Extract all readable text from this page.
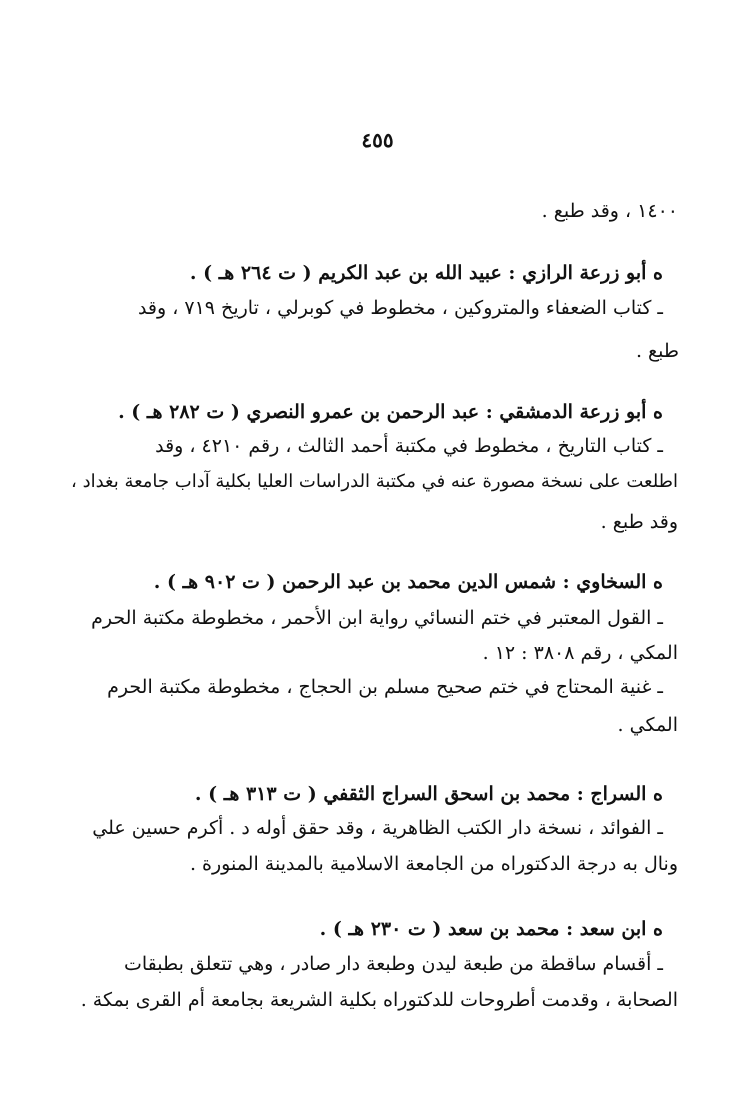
٤٥٥
١٤٠٠ ، وقد طبع .
ه أبو زرعة الرازي : عبيد الله بن عبد الكريم ( ت ٢٦٤ هـ ) .
ـ كتاب الضعفاء والمتروكين ، مخطوط في كوبرلي ، تاريخ ٧١٩ ، وقد
طبع .
ه أبو زرعة الدمشقي : عبد الرحمن بن عمرو النصري ( ت ٢٨٢ هـ ) .
ـ كتاب التاريخ ، مخطوط في مكتبة أحمد الثالث ، رقم ٤٢١٠ ، وقد
اطلعت على نسخة مصورة عنه في مكتبة الدراسات العليا بكلية آداب جامعة بغداد ،
وقد طبع .
ه السخاوي : شمس الدين محمد بن عبد الرحمن ( ت ٩٠٢ هـ ) .
ـ القول المعتبر في ختم النسائي رواية ابن الأحمر ، مخطوطة مكتبة الحرم
المكي ، رقم ٣٨٠٨ : ١٢ .
ـ غنية المحتاج في ختم صحيح مسلم بن الحجاج ، مخطوطة مكتبة الحرم
المكي .
ه السراج : محمد بن اسحق السراج الثقفي ( ت ٣١٣ هـ ) .
ـ الفوائد ، نسخة دار الكتب الظاهرية ، وقد حقق أوله د . أكرم حسين علي
ونال به درجة الدكتوراه من الجامعة الاسلامية بالمدينة المنورة .
ه ابن سعد : محمد بن سعد ( ت ٢٣٠ هـ ) .
ـ أقسام ساقطة من طبعة ليدن وطبعة دار صادر ، وهي تتعلق بطبقات
الصحابة ، وقدمت أطروحات للدكتوراه بكلية الشريعة بجامعة أم القرى بمكة .
